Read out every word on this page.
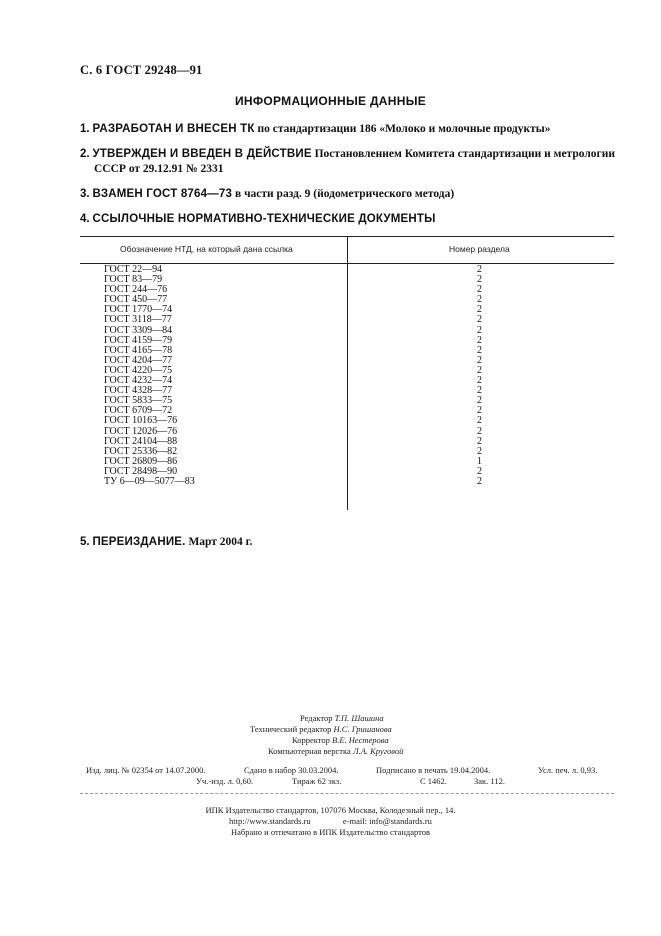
С. 6 ГОСТ 29248—91
ИНФОРМАЦИОННЫЕ ДАННЫЕ
1. РАЗРАБОТАН И ВНЕСЕН ТК по стандартизации 186 «Молоко и молочные продукты»
2. УТВЕРЖДЕН И ВВЕДЕН В ДЕЙСТВИЕ Постановлением Комитета стандартизации и метрологии
СССР от 29.12.91 № 2331
3. ВЗАМЕН ГОСТ 8764—73 в части разд. 9 (йодометрического метода)
4. ССЫЛОЧНЫЕ НОРМАТИВНО-ТЕХНИЧЕСКИЕ ДОКУМЕНТЫ
Обозначение НТД, на который дана ссылка	Номер раздела
ГОСТ 22—94	2
ГОСТ 83—79	2
ГОСТ 244—76	2
ГОСТ 450—77	2
ГОСТ 1770—74	2
ГОСТ 3118—77	2
ГОСТ 3309—84	2
ГОСТ 4159—79	2
ГОСТ 4165—78	2
ГОСТ 4204—77	2
ГОСТ 4220—75	2
ГОСТ 4232—74	2
ГОСТ 4328—77	2
ГОСТ 5833—75	2
ГОСТ 6709—72	2
ГОСТ 10163—76	2
ГОСТ 12026—76	2
ГОСТ 24104—88	2
ГОСТ 25336—82	2
ГОСТ 26809—86	1
ГОСТ 28498—90	2
ТУ 6—09—5077—83	2
5. ПЕРЕИЗДАНИЕ. Март 2004 г.
Редактор Т.П. Шашина
Технический редактор Н.С. Гришанова
Корректор В.Е. Нестерова
Компьютерная верстка Л.А. Круговой
Изд. лиц. № 02354 от 14.07.2000.	Сдано в набор 30.03.2004.	Подписано в печать 19.04.2004.	Усл. печ. л. 0,93.
Уч.-изд. л. 0,60.	Тираж 62 экз.	С 1462.	Зак. 112.
ИПК Издательство стандартов, 107076 Москва, Колодезный пер., 14.
http://www.standards.ru	e-mail: info@standards.ru
Набрано и отпечатано в ИПК Издательство стандартов
